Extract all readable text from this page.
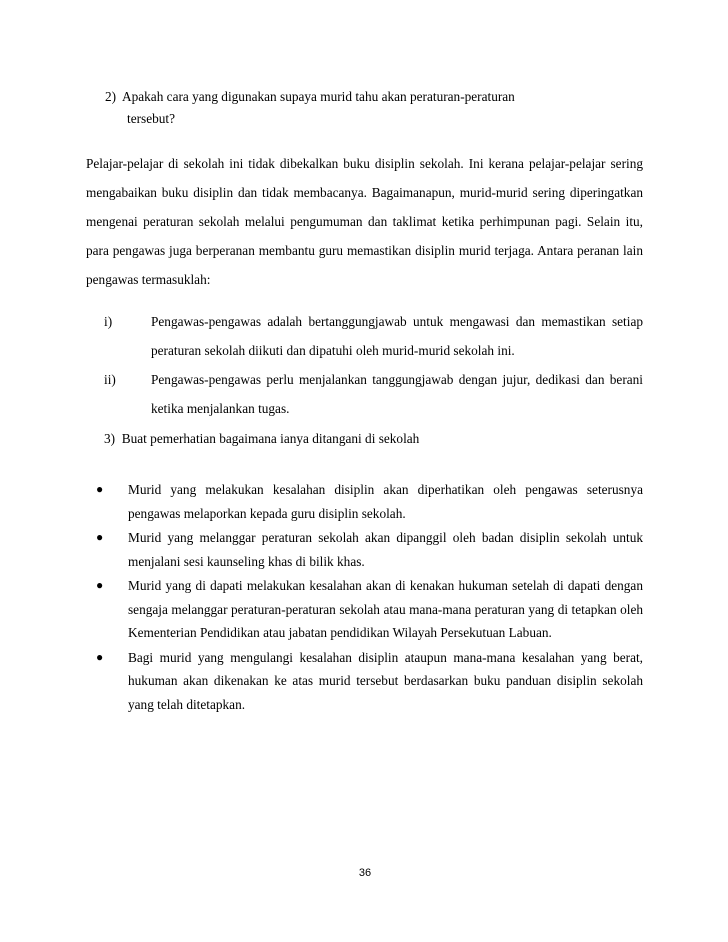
2) Apakah cara yang digunakan supaya murid tahu akan peraturan-peraturan
tersebut?
Pelajar-pelajar di sekolah ini tidak dibekalkan buku disiplin sekolah. Ini kerana pelajar-pelajar sering mengabaikan buku disiplin dan tidak membacanya. Bagaimanapun, murid-murid sering diperingatkan mengenai peraturan sekolah melalui pengumuman dan taklimat ketika perhimpunan pagi. Selain itu, para pengawas juga berperanan membantu guru memastikan disiplin murid terjaga. Antara peranan lain pengawas termasuklah:
i)	Pengawas-pengawas adalah bertanggungjawab untuk mengawasi dan memastikan setiap peraturan sekolah diikuti dan dipatuhi oleh murid-murid sekolah ini.
ii)	Pengawas-pengawas perlu menjalankan tanggungjawab dengan jujur, dedikasi dan berani ketika menjalankan tugas.
3) Buat pemerhatian bagaimana ianya ditangani di sekolah
● Murid yang melakukan kesalahan disiplin akan diperhatikan oleh pengawas seterusnya pengawas melaporkan kepada guru disiplin sekolah.
● Murid yang melanggar peraturan sekolah akan dipanggil oleh badan disiplin sekolah untuk menjalani sesi kaunseling khas di bilik khas.
● Murid yang di dapati melakukan kesalahan akan di kenakan hukuman setelah di dapati dengan sengaja melanggar peraturan-peraturan sekolah atau mana-mana peraturan yang di tetapkan oleh Kementerian Pendidikan atau jabatan pendidikan Wilayah Persekutuan Labuan.
● Bagi murid yang mengulangi kesalahan disiplin ataupun mana-mana kesalahan yang berat, hukuman akan dikenakan ke atas murid tersebut berdasarkan buku panduan disiplin sekolah yang telah ditetapkan.
36
